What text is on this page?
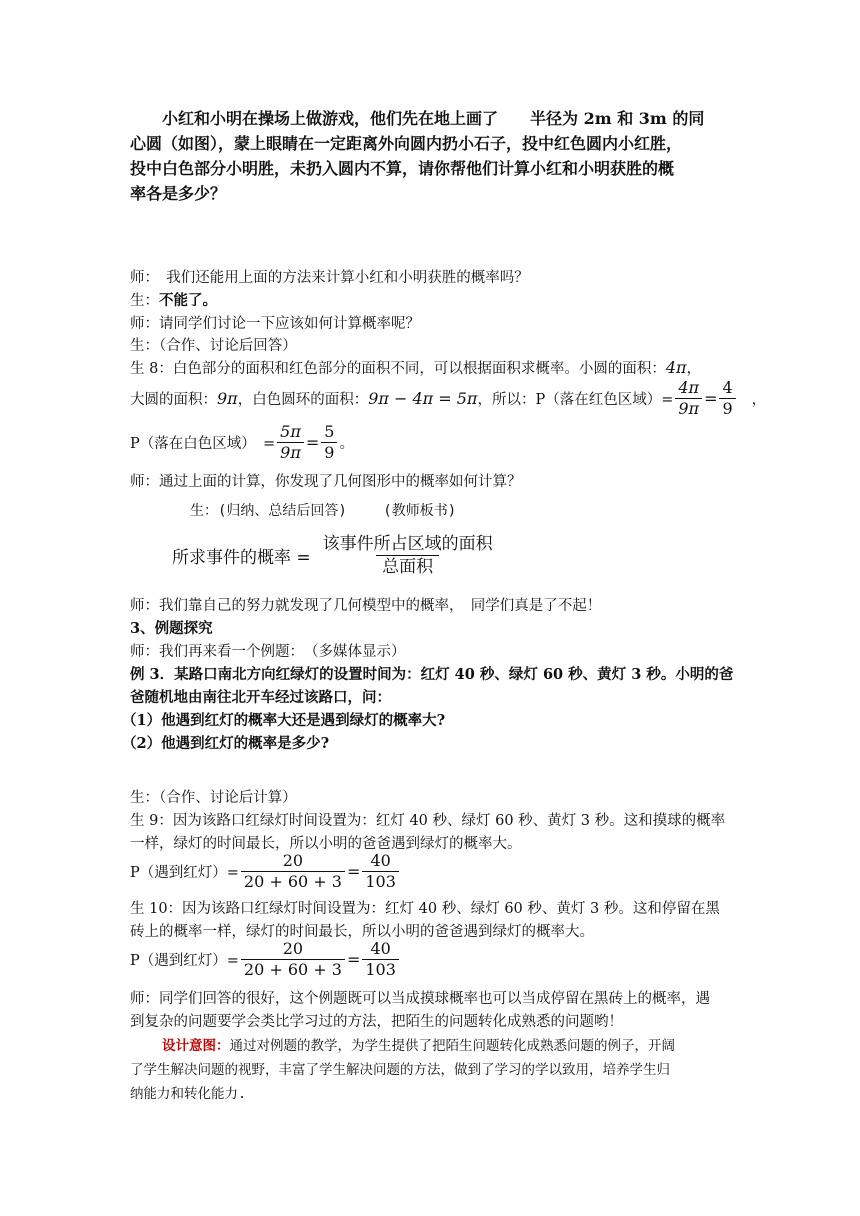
小红和小明在操场上做游戏，他们先在地上画了　　半径为 2m 和 3m 的同
心圆（如图），蒙上眼睛在一定距离外向圆内扔小石子，投中红色圆内小红胜，
投中白色部分小明胜，未扔入圆内不算，请你帮他们计算小红和小明获胜的概
率各是多少？
师：　我们还能用上面的方法来计算小红和小明获胜的概率吗？
生：不能了。
师：请同学们讨论一下应该如何计算概率呢？
生：（合作、讨论后回答）
生 8：白色部分的面积和红色部分的面积不同，可以根据面积求概率。小圆的面积：4π，
大圆的面积： 9π ，白色圆环的面积： 9π − 4π = 5π ，所以：P（落在红色区域）= $\frac{4\pi}{9\pi} = \frac{4}{9}$ ，
P（落在白色区域）　= $\frac{5\pi}{9\pi} = \frac{5}{9}$ 。
师：通过上面的计算，你发现了几何图形中的概率如何计算？
生：(归纳、总结后回答)　　 (教师板书)
所求事件的概率 = $\frac{\text{该事件所占区域的面积}}{\text{总面积}}$
师：我们靠自己的努力就发现了几何模型中的概率，　同学们真是了不起！
3、例题探究
师：我们再来看一个例题：　（多媒体显示）
例 3．某路口南北方向红绿灯的设置时间为：红灯 40 秒、绿灯 60 秒、黄灯 3 秒。小明的爸
爸随机地由南往北开车经过该路口，问：
（1）他遇到红灯的概率大还是遇到绿灯的概率大?
（2）他遇到红灯的概率是多少?
生：（合作、讨论后计算）
生 9：因为该路口红绿灯时间设置为：红灯 40 秒、绿灯 60 秒、黄灯 3 秒。这和摸球的概率
一样，绿灯的时间最长，所以小明的爸爸遇到绿灯的概率大。
P（遇到红灯）= $\frac{20}{20 + 60 + 3} = \frac{40}{103}$
生 10：因为该路口红绿灯时间设置为：红灯 40 秒、绿灯 60 秒、黄灯 3 秒。这和停留在黑
砖上的概率一样，绿灯的时间最长，所以小明的爸爸遇到绿灯的概率大。
P（遇到红灯）= $\frac{20}{20 + 60 + 3} = \frac{40}{103}$
师：同学们回答的很好，这个例题既可以当成摸球概率也可以当成停留在黑砖上的概率，遇
到复杂的问题要学会类比学习过的方法，把陌生的问题转化成熟悉的问题哟！
设计意图：通过对例题的教学，为学生提供了把陌生问题转化成熟悉问题的例子，开阔
了学生解决问题的视野，丰富了学生解决问题的方法，做到了学习的学以致用，培养学生归
纳能力和转化能力.
